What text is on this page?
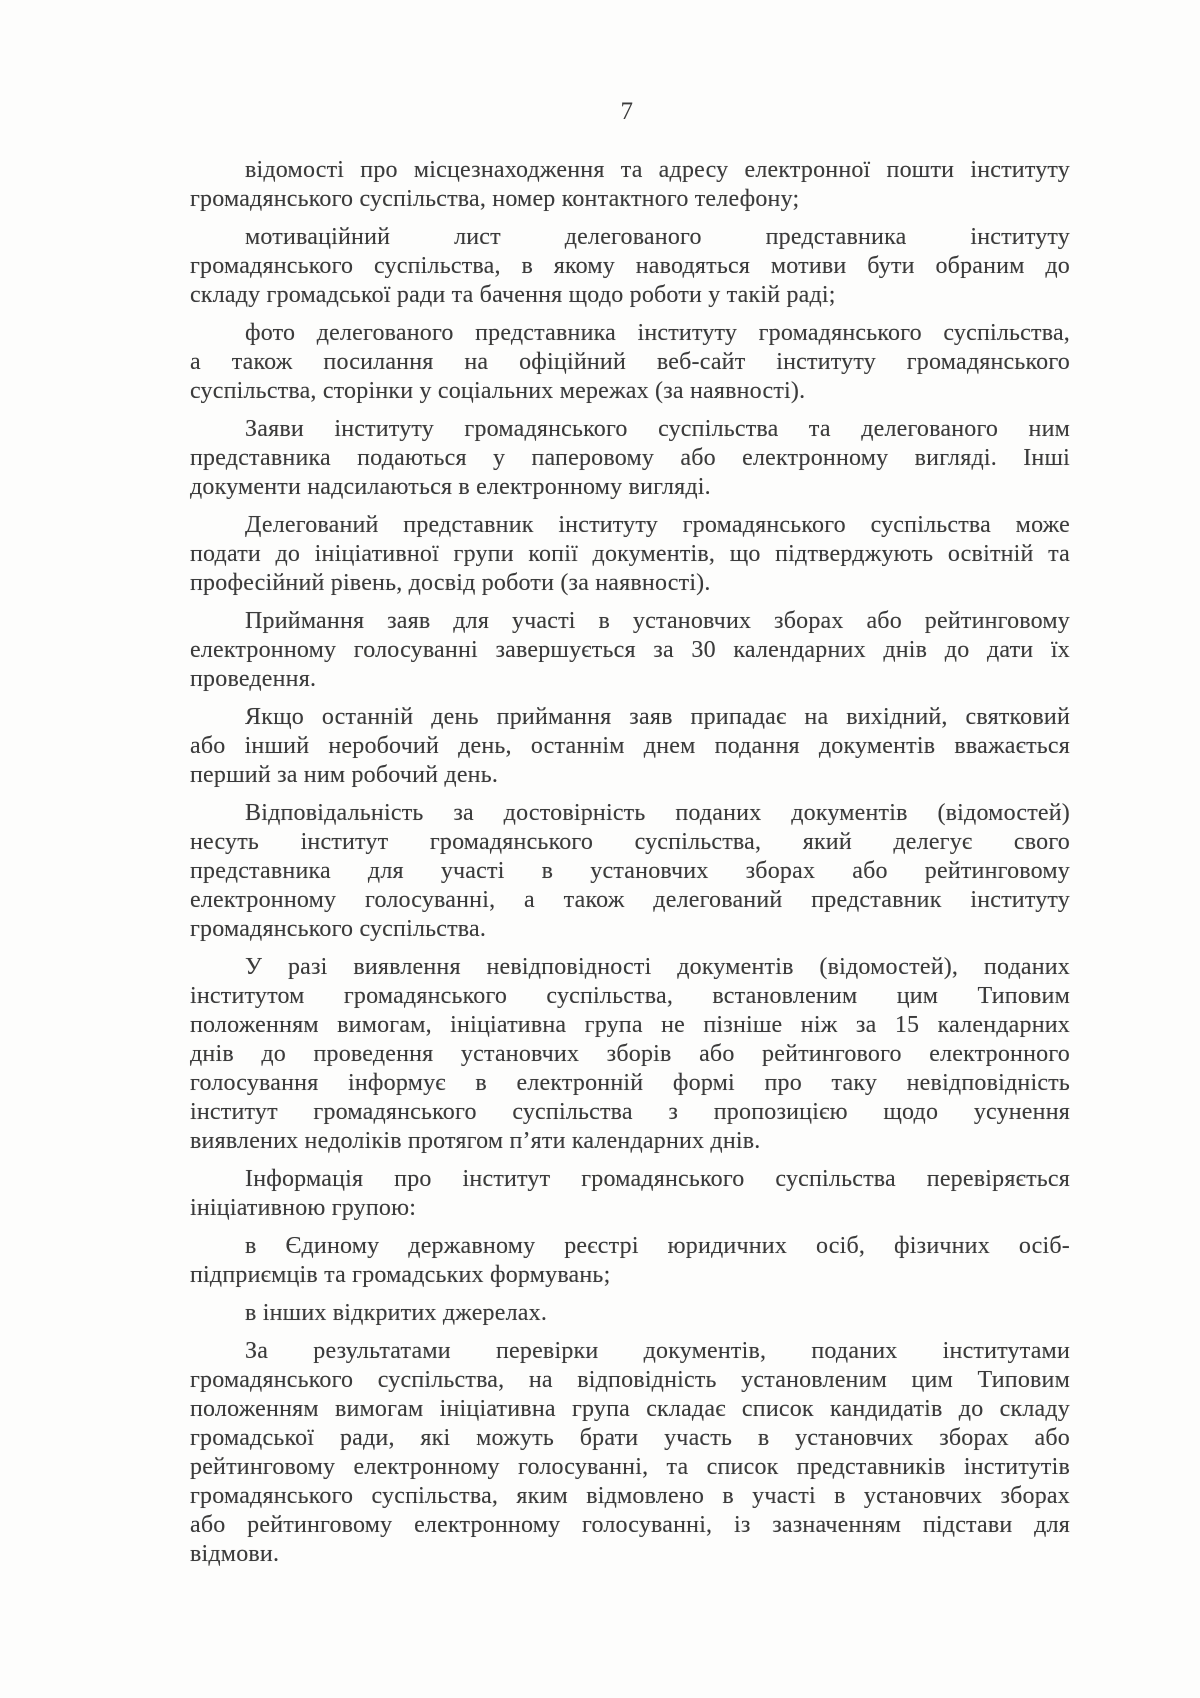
7

відомості про місцезнаходження та адресу електронної пошти інституту
громадянського суспільства, номер контактного телефону;

мотиваційний лист делегованого представника інституту
громадянського суспільства, в якому наводяться мотиви бути обраним до
складу громадської ради та бачення щодо роботи у такій раді;

фото делегованого представника інституту громадянського суспільства,
а також посилання на офіційний веб-сайт інституту громадянського
суспільства, сторінки у соціальних мережах (за наявності).

Заяви інституту громадянського суспільства та делегованого ним
представника подаються у паперовому або електронному вигляді. Інші
документи надсилаються в електронному вигляді.

Делегований представник інституту громадянського суспільства може
подати до ініціативної групи копії документів, що підтверджують освітній та
професійний рівень, досвід роботи (за наявності).

Приймання заяв для участі в установчих зборах або рейтинговому
електронному голосуванні завершується за 30 календарних днів до дати їх
проведення.

Якщо останній день приймання заяв припадає на вихідний, святковий
або інший неробочий день, останнім днем подання документів вважається
перший за ним робочий день.

Відповідальність за достовірність поданих документів (відомостей)
несуть інститут громадянського суспільства, який делегує свого
представника для участі в установчих зборах або рейтинговому
електронному голосуванні, а також делегований представник інституту
громадянського суспільства.

У разі виявлення невідповідності документів (відомостей), поданих
інститутом громадянського суспільства, встановленим цим Типовим
положенням вимогам, ініціативна група не пізніше ніж за 15 календарних
днів до проведення установчих зборів або рейтингового електронного
голосування інформує в електронній формі про таку невідповідність
інститут громадянського суспільства з пропозицією щодо усунення
виявлених недоліків протягом п’яти календарних днів.

Інформація про інститут громадянського суспільства перевіряється
ініціативною групою:

в Єдиному державному реєстрі юридичних осіб, фізичних осіб-
підприємців та громадських формувань;

в інших відкритих джерелах.

За результатами перевірки документів, поданих інститутами
громадянського суспільства, на відповідність установленим цим Типовим
положенням вимогам ініціативна група складає список кандидатів до складу
громадської ради, які можуть брати участь в установчих зборах або
рейтинговому електронному голосуванні, та список представників інститутів
громадянського суспільства, яким відмовлено в участі в установчих зборах
або рейтинговому електронному голосуванні, із зазначенням підстави для
відмови.
